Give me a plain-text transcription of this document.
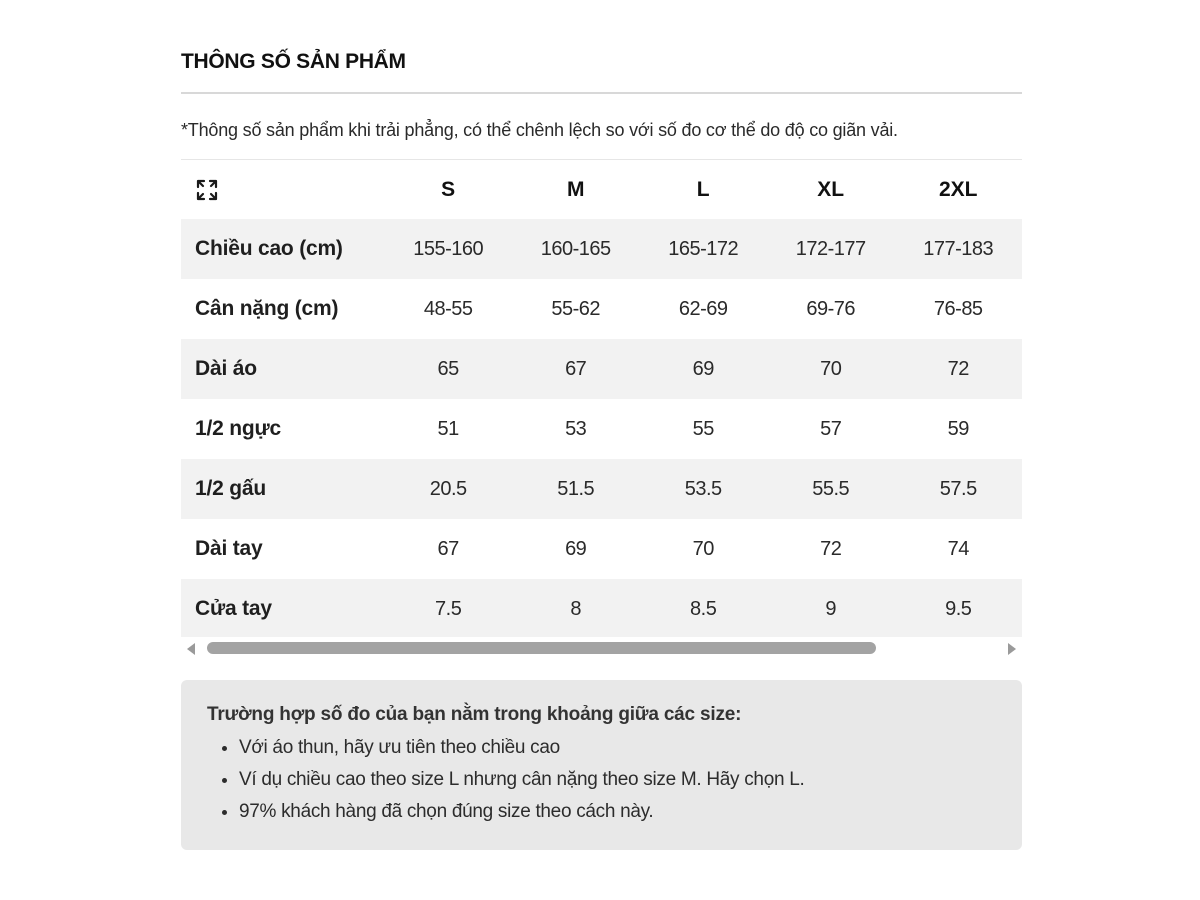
THÔNG SỐ SẢN PHẨM
*Thông số sản phẩm khi trải phẳng, có thể chênh lệch so với số đo cơ thể do độ co giãn vải.
S	M	L	XL	2XL
Chiều cao (cm)	155-160	160-165	165-172	172-177	177-183
Cân nặng (cm)	48-55	55-62	62-69	69-76	76-85
Dài áo	65	67	69	70	72
1/2 ngực	51	53	55	57	59
1/2 gấu	20.5	51.5	53.5	55.5	57.5
Dài tay	67	69	70	72	74
Cửa tay	7.5	8	8.5	9	9.5
Trường hợp số đo của bạn nằm trong khoảng giữa các size:
• Với áo thun, hãy ưu tiên theo chiều cao
• Ví dụ chiều cao theo size L nhưng cân nặng theo size M. Hãy chọn L.
• 97% khách hàng đã chọn đúng size theo cách này.
